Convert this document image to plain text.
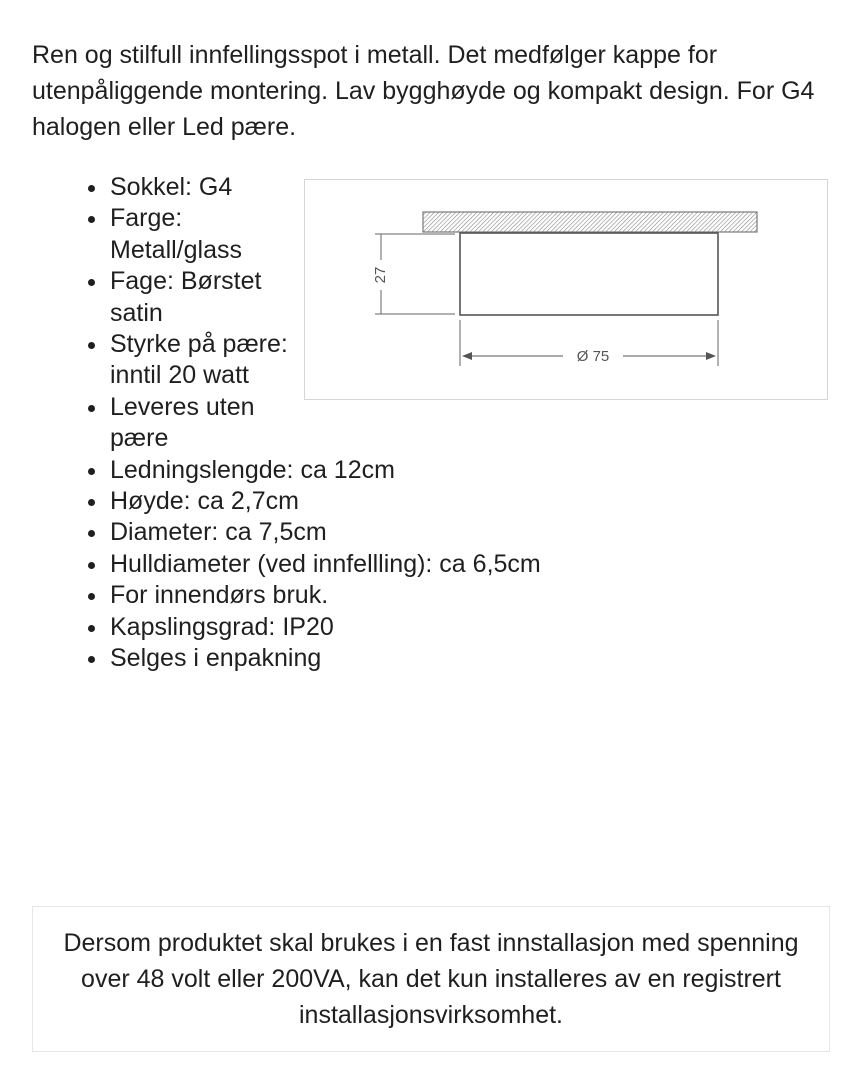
Ren og stilfull innfellingsspot i metall. Det medfølger kappe for utenpåliggende montering. Lav bygghøyde og kompakt design. For G4 halogen eller Led pære.

Sokkel: G4
Farge: Metall/glass
Fage: Børstet satin
Styrke på pære: inntil 20 watt
Leveres uten pære
Ledningslengde: ca 12cm
Høyde: ca 2,7cm
Diameter: ca 7,5cm
Hulldiameter (ved innfellling): ca 6,5cm
For innendørs bruk.
Kapslingsgrad: IP20
Selges i enpakning
27
Ø 75

Dersom produktet skal brukes i en fast innstallasjon med spenning over 48 volt eller 200VA, kan det kun installeres av en registrert installasjonsvirksomhet.
